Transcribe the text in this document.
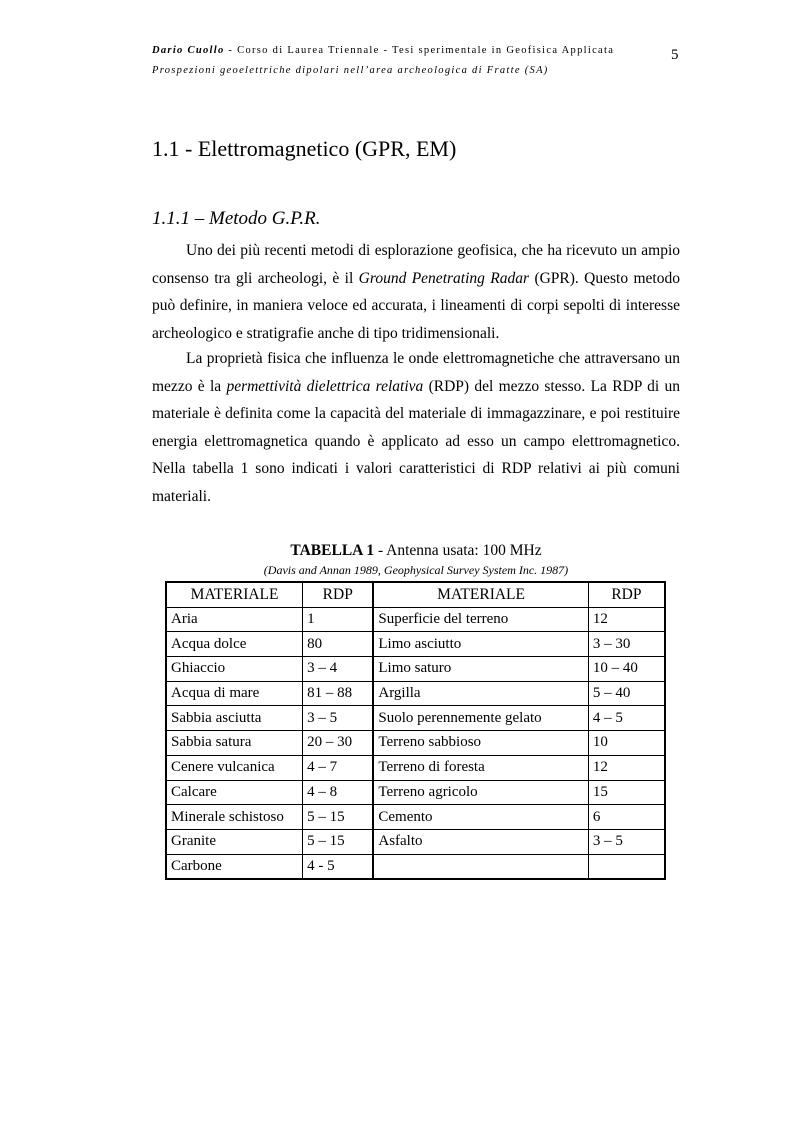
Dario Cuollo - Corso di Laurea Triennale - Tesi sperimentale in Geofisica Applicata
Prospezioni geoelettriche dipolari nell’area archeologica di Fratte (SA)
5
1.1 - Elettromagnetico (GPR, EM)
1.1.1 – Metodo G.P.R.

Uno dei più recenti metodi di esplorazione geofisica, che ha ricevuto un ampio consenso tra gli archeologi, è il Ground Penetrating Radar (GPR). Questo metodo può definire, in maniera veloce ed accurata, i lineamenti di corpi sepolti di interesse archeologico e stratigrafie anche di tipo tridimensionali.

La proprietà fisica che influenza le onde elettromagnetiche che attraversano un mezzo è la permettività dielettrica relativa (RDP) del mezzo stesso. La RDP di un materiale è definita come la capacità del materiale di immagazzinare, e poi restituire energia elettromagnetica quando è applicato ad esso un campo elettromagnetico. Nella tabella 1 sono indicati i valori caratteristici di RDP relativi ai più comuni materiali.

TABELLA 1 - Antenna usata: 100 MHz
(Davis and Annan 1989, Geophysical Survey System Inc. 1987)
MATERIALE	RDP	MATERIALE	RDP
Aria	1	Superficie del terreno	12
Acqua dolce	80	Limo asciutto	3 – 30
Ghiaccio	3 – 4	Limo saturo	10 – 40
Acqua di mare	81 – 88	Argilla	5 – 40
Sabbia asciutta	3 – 5	Suolo perennemente gelato	4 – 5
Sabbia satura	20 – 30	Terreno sabbioso	10
Cenere vulcanica	4 – 7	Terreno di foresta	12
Calcare	4 – 8	Terreno agricolo	15
Minerale schistoso	5 – 15	Cemento	6
Granite	5 – 15	Asfalto	3 – 5
Carbone	4 - 5		
